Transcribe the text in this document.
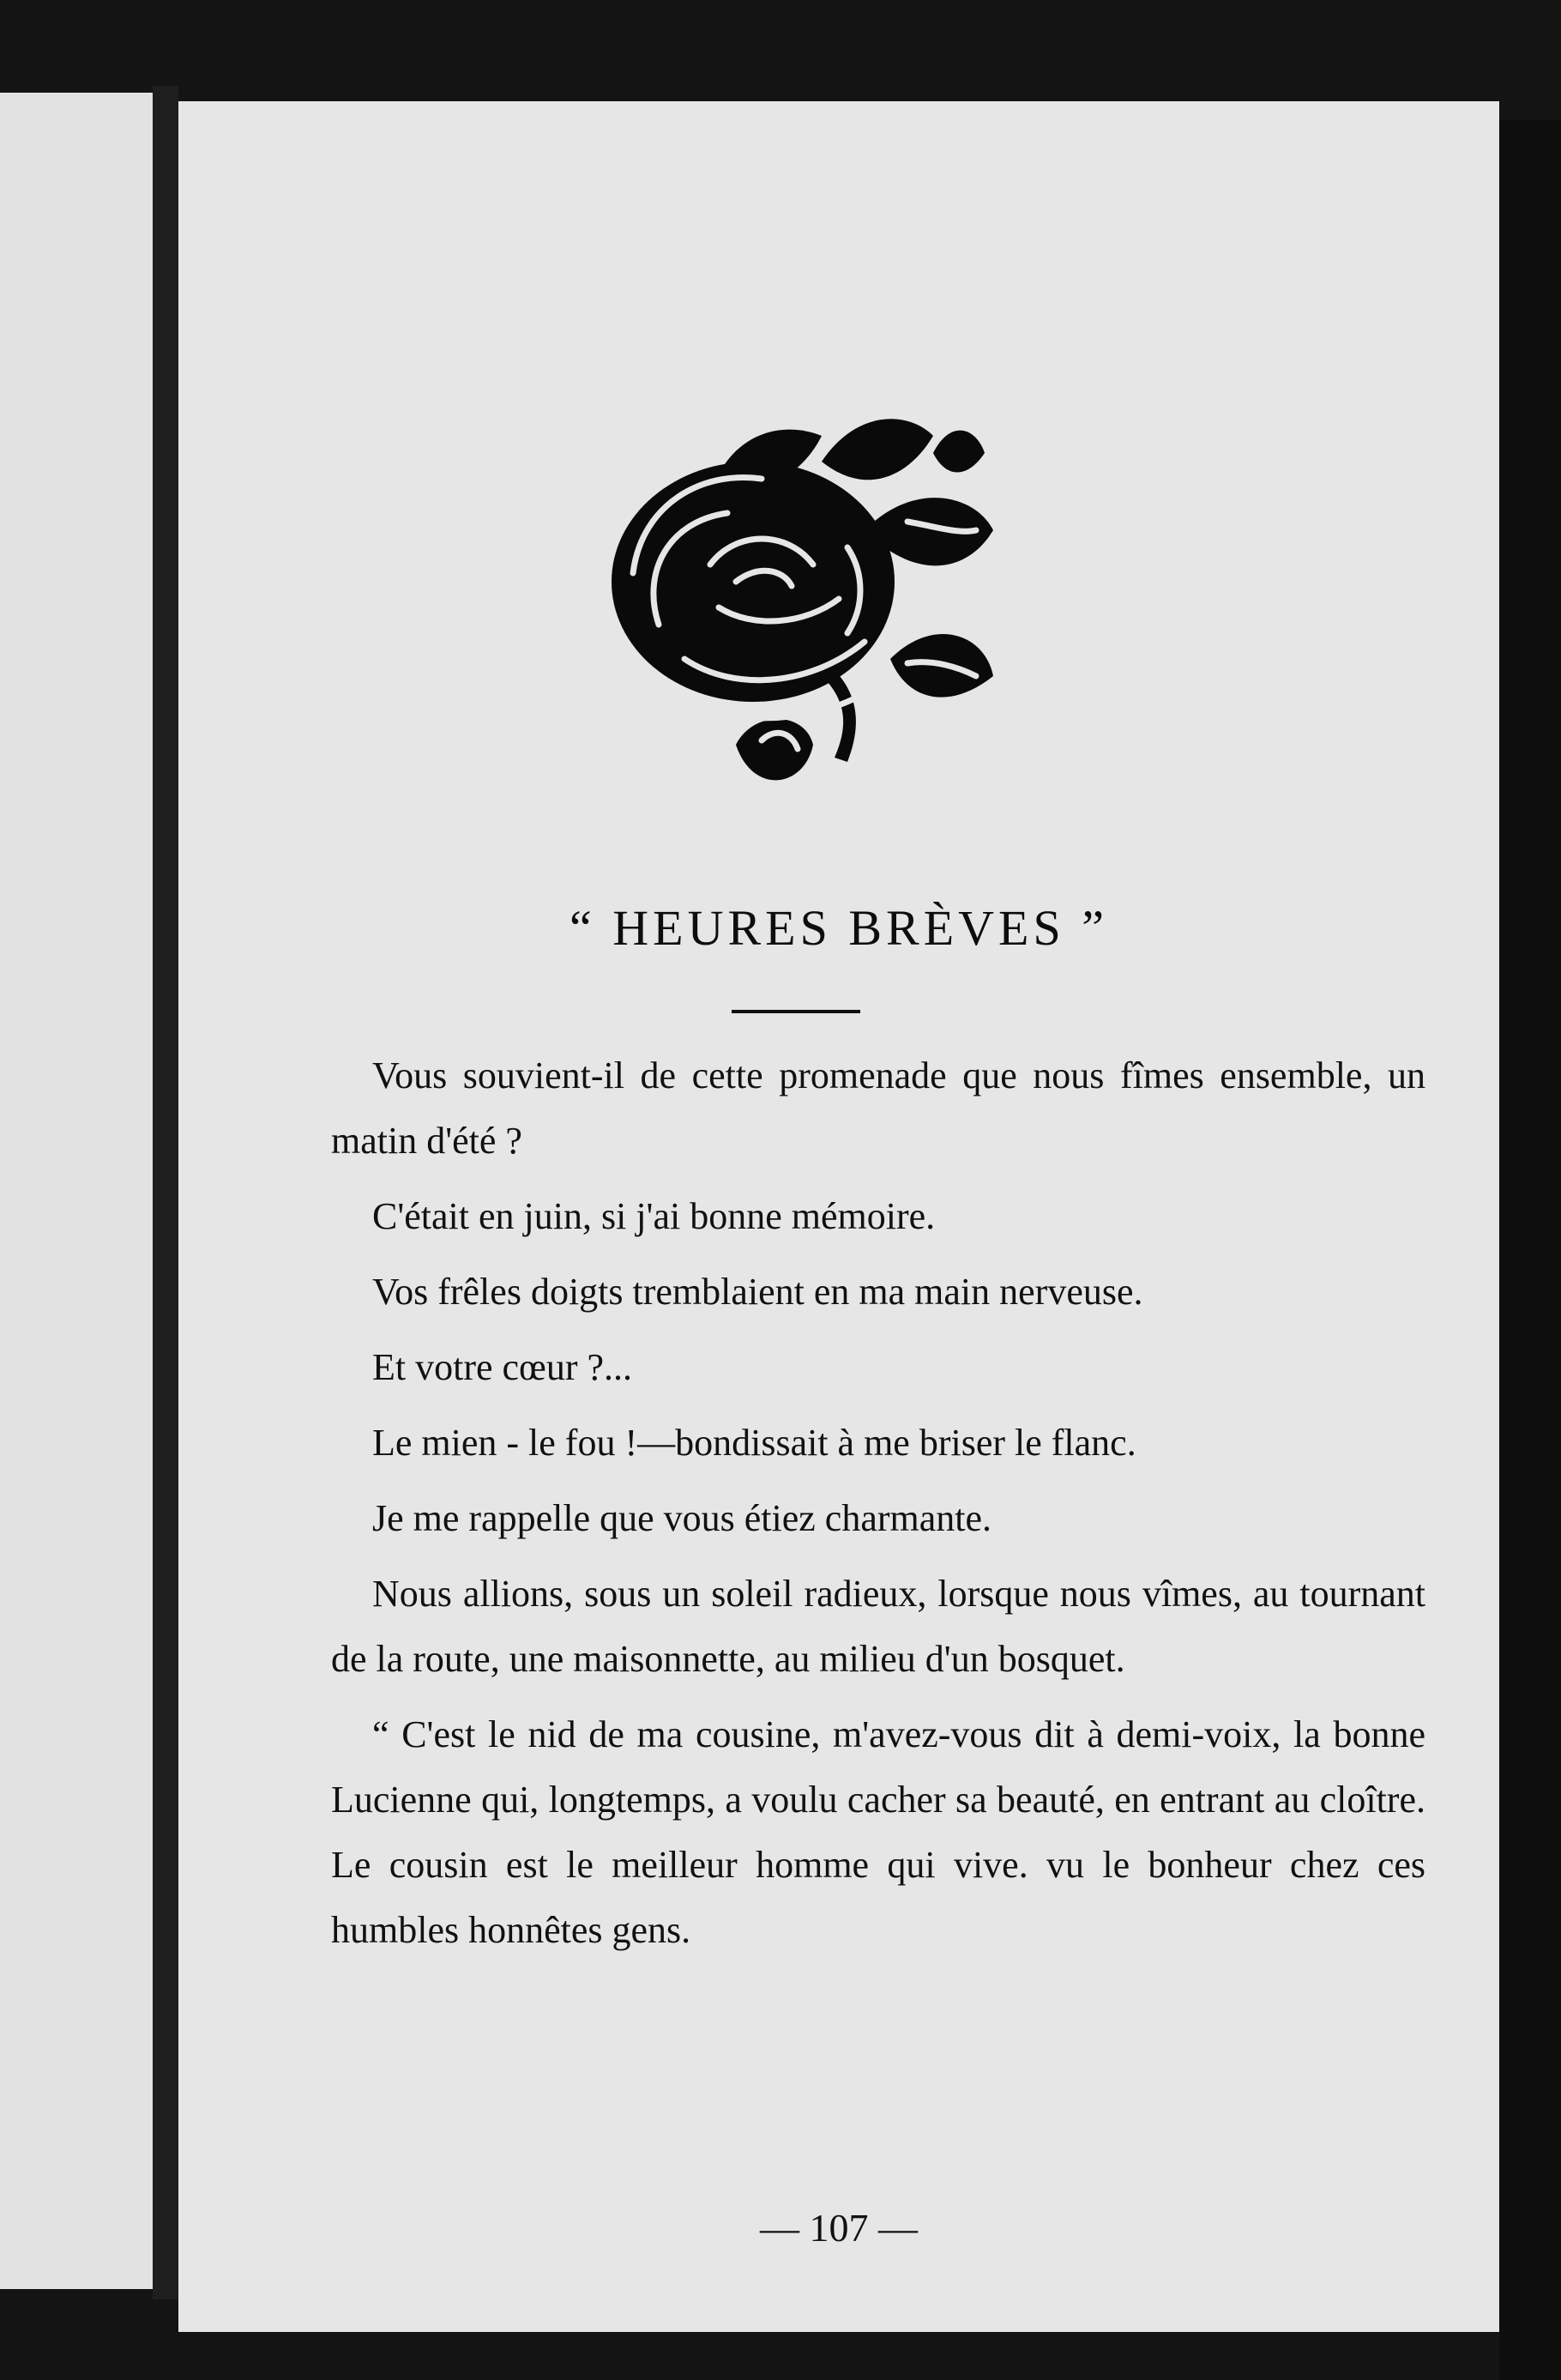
“ HEURES BRÈVES ”

Vous souvient-il de cette promenade que nous fîmes ensemble, un matin d'été ?

C'était en juin, si j'ai bonne mémoire.

Vos frêles doigts tremblaient en ma main nerveuse.

Et votre cœur ?...

Le mien - le fou !—bondissait à me briser le flanc.

Je me rappelle que vous étiez charmante.

Nous allions, sous un soleil radieux, lorsque nous vîmes, au tournant de la route, une maisonnette, au milieu d'un bosquet.

“ C'est le nid de ma cousine, m'avez-vous dit à demi-voix, la bonne Lucienne qui, longtemps, a voulu cacher sa beauté, en entrant au cloître. Le cousin est le meilleur homme qui vive. vu le bonheur chez ces humbles honnêtes gens.

— 107 —
